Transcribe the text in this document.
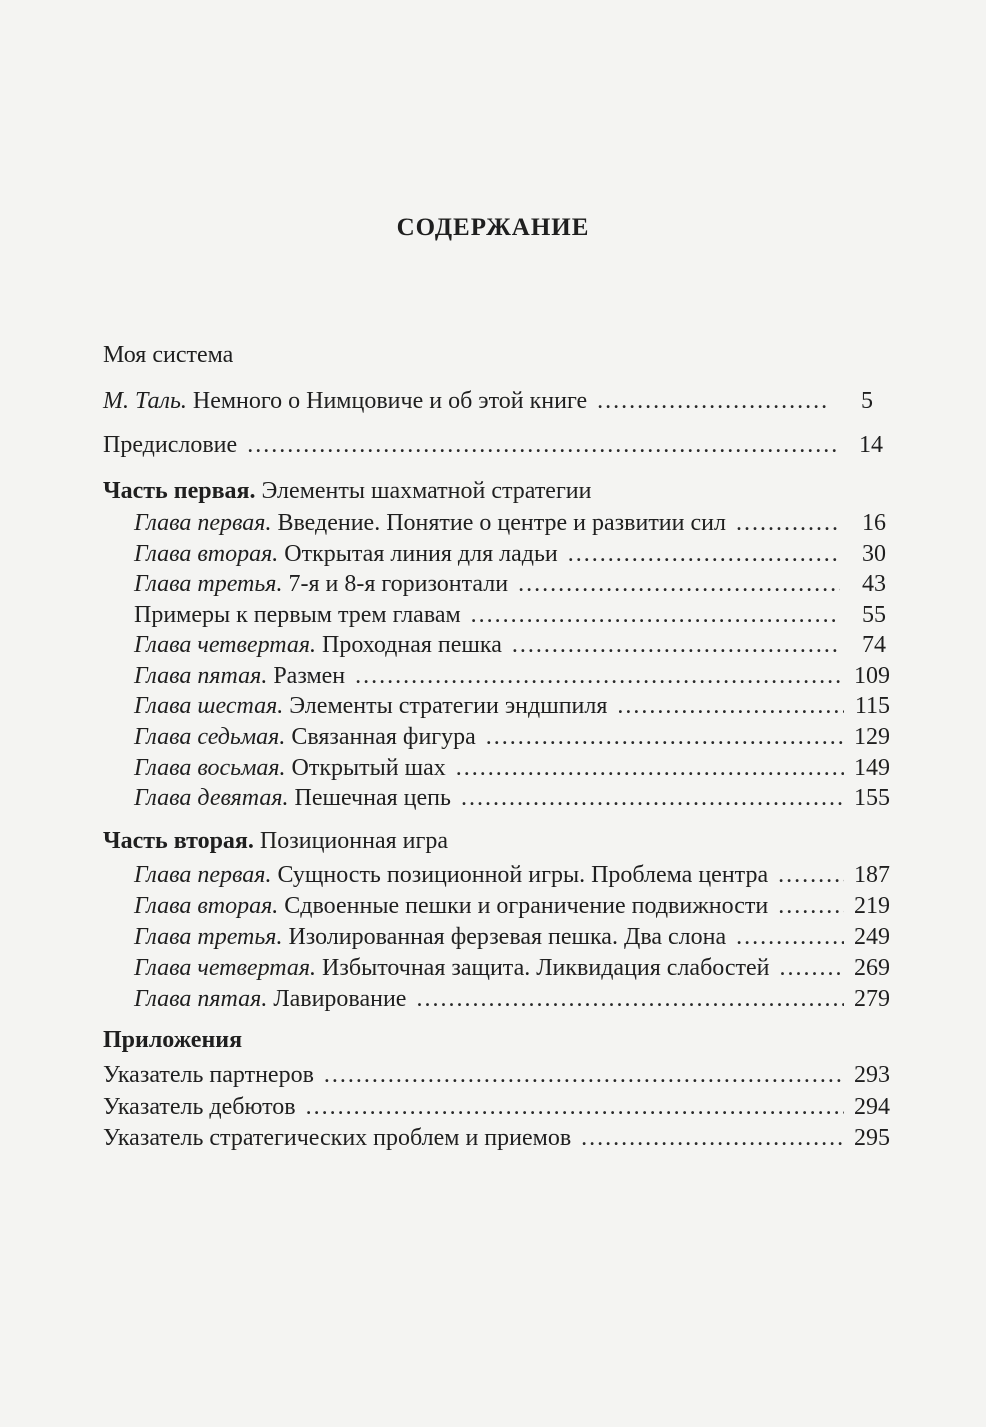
СОДЕРЖАНИЕ
Моя система
М. Таль. Немного о Нимцовиче и об этой книге .....	5
Предисловие .....	14
Часть первая. Элементы шахматной стратегии
Глава первая. Введение. Понятие о центре и развитии сил .....	16
Глава вторая. Открытая линия для ладьи .....	30
Глава третья. 7-я и 8-я горизонтали .....	43
Примеры к первым трем главам .....	55
Глава четвертая. Проходная пешка .....	74
Глава пятая. Размен .....	109
Глава шестая. Элементы стратегии эндшпиля .....	115
Глава седьмая. Связанная фигура .....	129
Глава восьмая. Открытый шах .....	149
Глава девятая. Пешечная цепь .....	155
Часть вторая. Позиционная игра
Глава первая. Сущность позиционной игры. Проблема центра .....	187
Глава вторая. Сдвоенные пешки и ограничение подвижности .....	219
Глава третья. Изолированная ферзевая пешка. Два слона .....	249
Глава четвертая. Избыточная защита. Ликвидация слабостей .....	269
Глава пятая. Лавирование .....	279
Приложения
Указатель партнеров .....	293
Указатель дебютов .....	294
Указатель стратегических проблем и приемов .....	295
